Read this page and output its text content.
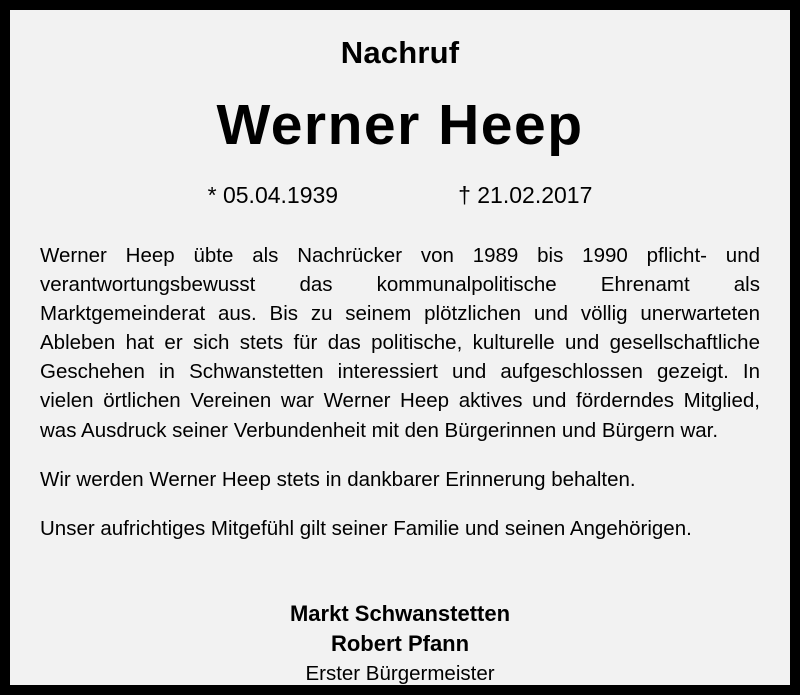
Nachruf
Werner Heep
* 05.04.1939	† 21.02.2017

Werner Heep übte als Nachrücker von 1989 bis 1990 pflicht- und verantwortungsbewusst das kommunalpolitische Ehrenamt als Marktgemeinderat aus. Bis zu seinem plötzlichen und völlig unerwarteten Ableben hat er sich stets für das politische, kulturelle und gesellschaftliche Geschehen in Schwanstetten interessiert und aufgeschlossen gezeigt. In vielen örtlichen Vereinen war Werner Heep aktives und förderndes Mitglied, was Ausdruck seiner Verbundenheit mit den Bürgerinnen und Bürgern war.

Wir werden Werner Heep stets in dankbarer Erinnerung behalten.

Unser aufrichtiges Mitgefühl gilt seiner Familie und seinen Angehörigen.

Markt Schwanstetten
Robert Pfann
Erster Bürgermeister
